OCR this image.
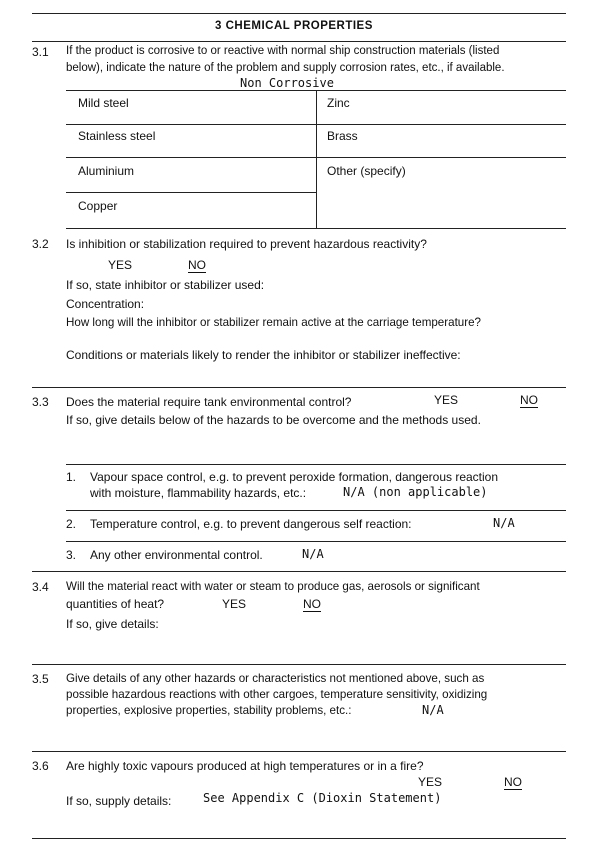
3 CHEMICAL PROPERTIES
3.1 If the product is corrosive to or reactive with normal ship construction materials (listed
below), indicate the nature of the problem and supply corrosion rates, etc., if available.
Non Corrosive
Mild steel	Zinc
Stainless steel	Brass
Aluminium	Other (specify)
Copper
3.2 Is inhibition or stabilization required to prevent hazardous reactivity?
YES	NO
If so, state inhibitor or stabilizer used:
Concentration:
How long will the inhibitor or stabilizer remain active at the carriage temperature?
Conditions or materials likely to render the inhibitor or stabilizer ineffective:
3.3 Does the material require tank environmental control?	YES	NO
If so, give details below of the hazards to be overcome and the methods used.
1. Vapour space control, e.g. to prevent peroxide formation, dangerous reaction
with moisture, flammability hazards, etc.:	N/A (non applicable)
2. Temperature control, e.g. to prevent dangerous self reaction:	N/A
3. Any other environmental control.	N/A
3.4 Will the material react with water or steam to produce gas, aerosols or significant
quantities of heat?	YES	NO
If so, give details:
3.5 Give details of any other hazards or characteristics not mentioned above, such as
possible hazardous reactions with other cargoes, temperature sensitivity, oxidizing
properties, explosive properties, stability problems, etc.:	N/A
3.6 Are highly toxic vapours produced at high temperatures or in a fire?
YES	NO
If so, supply details:	See Appendix C (Dioxin Statement)
